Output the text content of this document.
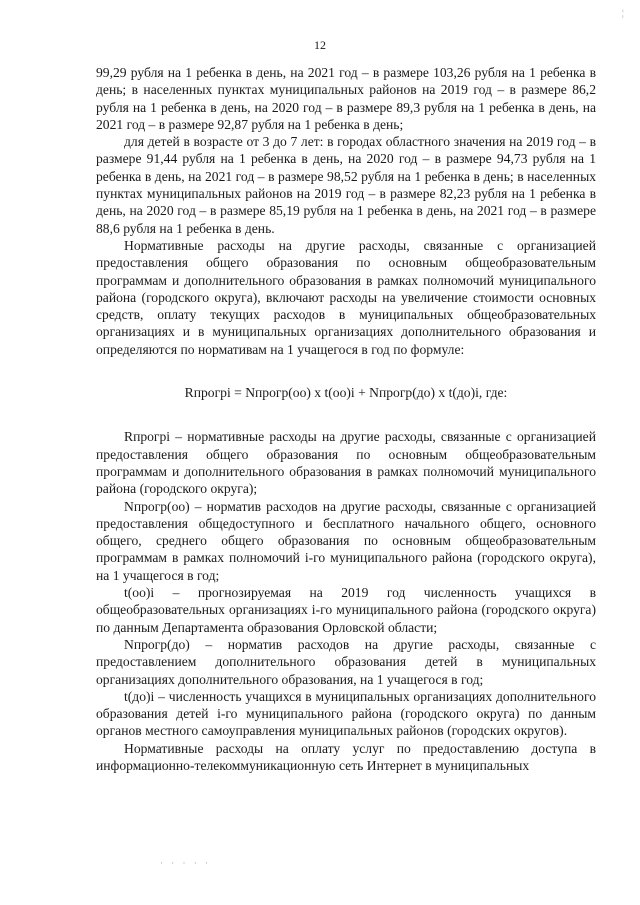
12

99,29 рубля на 1 ребенка в день, на 2021 год – в размере 103,26 рубля на 1 ребенка в день; в населенных пунктах муниципальных районов на 2019 год – в размере 86,2 рубля на 1 ребенка в день, на 2020 год – в размере 89,3 рубля на 1 ребенка в день, на 2021 год – в размере 92,87 рубля на 1 ребенка в день;

для детей в возрасте от 3 до 7 лет: в городах областного значения на 2019 год – в размере 91,44 рубля на 1 ребенка в день, на 2020 год – в размере 94,73 рубля на 1 ребенка в день, на 2021 год – в размере 98,52 рубля на 1 ребенка в день; в населенных пунктах муниципальных районов на 2019 год – в размере 82,23 рубля на 1 ребенка в день, на 2020 год – в размере 85,19 рубля на 1 ребенка в день, на 2021 год – в размере 88,6 рубля на 1 ребенка в день.

Нормативные расходы на другие расходы, связанные с организацией предоставления общего образования по основным общеобразовательным программам и дополнительного образования в рамках полномочий муниципального района (городского округа), включают расходы на увеличение стоимости основных средств, оплату текущих расходов в муниципальных общеобразовательных организациях и в муниципальных организациях дополнительного образования и определяются по нормативам на 1 учащегося в год по формуле:

Rпрогрi = Nпрогр(оо) x t(оо)i + Nпрогр(до) x t(до)i, где:

Rпрогрi – нормативные расходы на другие расходы, связанные с организацией предоставления общего образования по основным общеобразовательным программам и дополнительного образования в рамках полномочий муниципального района (городского округа);

Nпрогр(оо) – норматив расходов на другие расходы, связанные с организацией предоставления общедоступного и бесплатного начального общего, основного общего, среднего общего образования по основным общеобразовательным программам в рамках полномочий i-го муниципального района (городского округа), на 1 учащегося в год;

t(оо)i – прогнозируемая на 2019 год численность учащихся в общеобразовательных организациях i-го муниципального района (городского округа) по данным Департамента образования Орловской области;

Nпрогр(до) – норматив расходов на другие расходы, связанные с предоставлением дополнительного образования детей в муниципальных организациях дополнительного образования, на 1 учащегося в год;

t(до)i – численность учащихся в муниципальных организациях дополнительного образования детей i-го муниципального района (городского округа) по данным органов местного самоуправления муниципальных районов (городских округов).

Нормативные расходы на оплату услуг по предоставлению доступа в информационно-телекоммуникационную сеть Интернет в муниципальных

¦
· · · · ·
